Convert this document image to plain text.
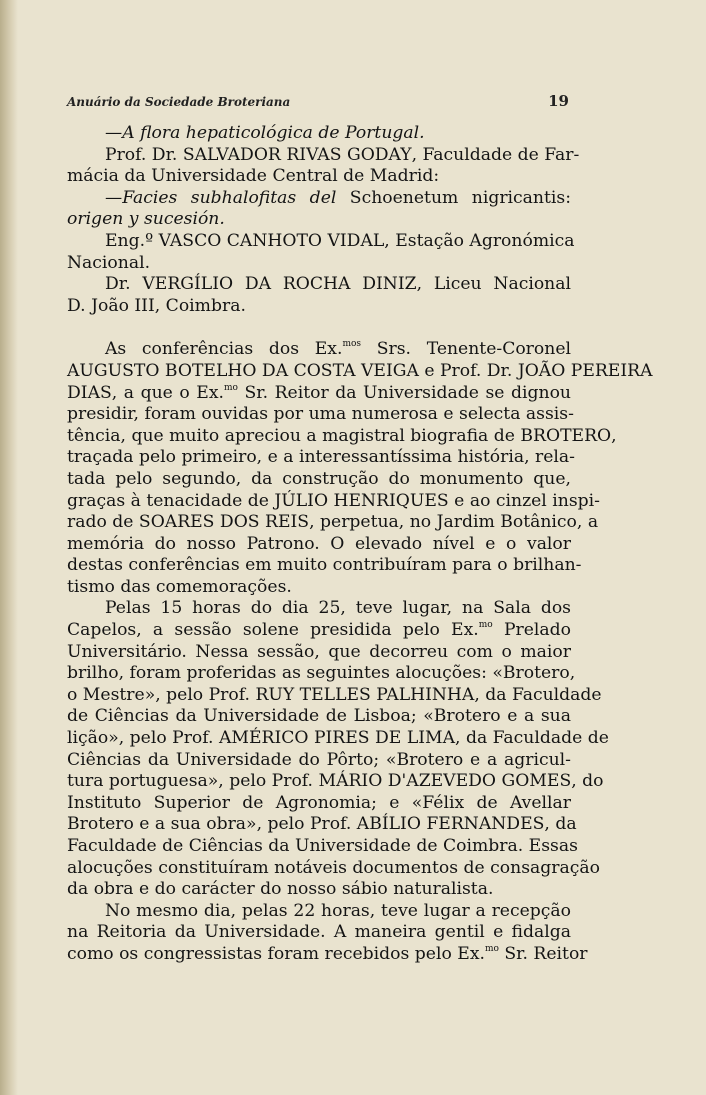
Anuário da Sociedade Broteriana	19
—A flora hepaticológica de Portugal.
Prof. Dr. SALVADOR RIVAS GODAY, Faculdade de Far-
mácia da Universidade Central de Madrid:
—Facies subhalofitas del Schoenetum nigricantis:
origen y sucesión.
Eng.º VASCO CANHOTO VIDAL, Estação Agronómica
Nacional.
Dr. VERGÍLIO DA ROCHA DINIZ, Liceu Nacional
D. João III, Coimbra.
As conferências dos Ex.$^{mos}$ Srs. Tenente-Coronel
AUGUSTO BOTELHO DA COSTA VEIGA e Prof. Dr. JOÃO PEREIRA
DIAS, a que o Ex.$^{mo}$ Sr. Reitor da Universidade se dignou
presidir, foram ouvidas por uma numerosa e selecta assis-
tência, que muito apreciou a magistral biografia de BROTERO,
traçada pelo primeiro, e a interessantíssima história, rela-
tada pelo segundo, da construção do monumento que,
graças à tenacidade de JÚLIO HENRIQUES e ao cinzel inspi-
rado de SOARES DOS REIS, perpetua, no Jardim Botânico, a
memória do nosso Patrono. O elevado nível e o valor
destas conferências em muito contribuíram para o brilhan-
tismo das comemorações.
Pelas 15 horas do dia 25, teve lugar, na Sala dos
Capelos, a sessão solene presidida pelo Ex.$^{mo}$ Prelado
Universitário. Nessa sessão, que decorreu com o maior
brilho, foram proferidas as seguintes alocuções: «Brotero,
o Mestre», pelo Prof. RUY TELLES PALHINHA, da Faculdade
de Ciências da Universidade de Lisboa; «Brotero e a sua
lição», pelo Prof. AMÉRICO PIRES DE LIMA, da Faculdade de
Ciências da Universidade do Pôrto; «Brotero e a agricul-
tura portuguesa», pelo Prof. MÁRIO D'AZEVEDO GOMES, do
Instituto Superior de Agronomia; e «Félix de Avellar
Brotero e a sua obra», pelo Prof. ABÍLIO FERNANDES, da
Faculdade de Ciências da Universidade de Coimbra. Essas
alocuções constituíram notáveis documentos de consagração
da obra e do carácter do nosso sábio naturalista.
No mesmo dia, pelas 22 horas, teve lugar a recepção
na Reitoria da Universidade. A maneira gentil e fidalga
como os congressistas foram recebidos pelo Ex.$^{mo}$ Sr. Reitor
